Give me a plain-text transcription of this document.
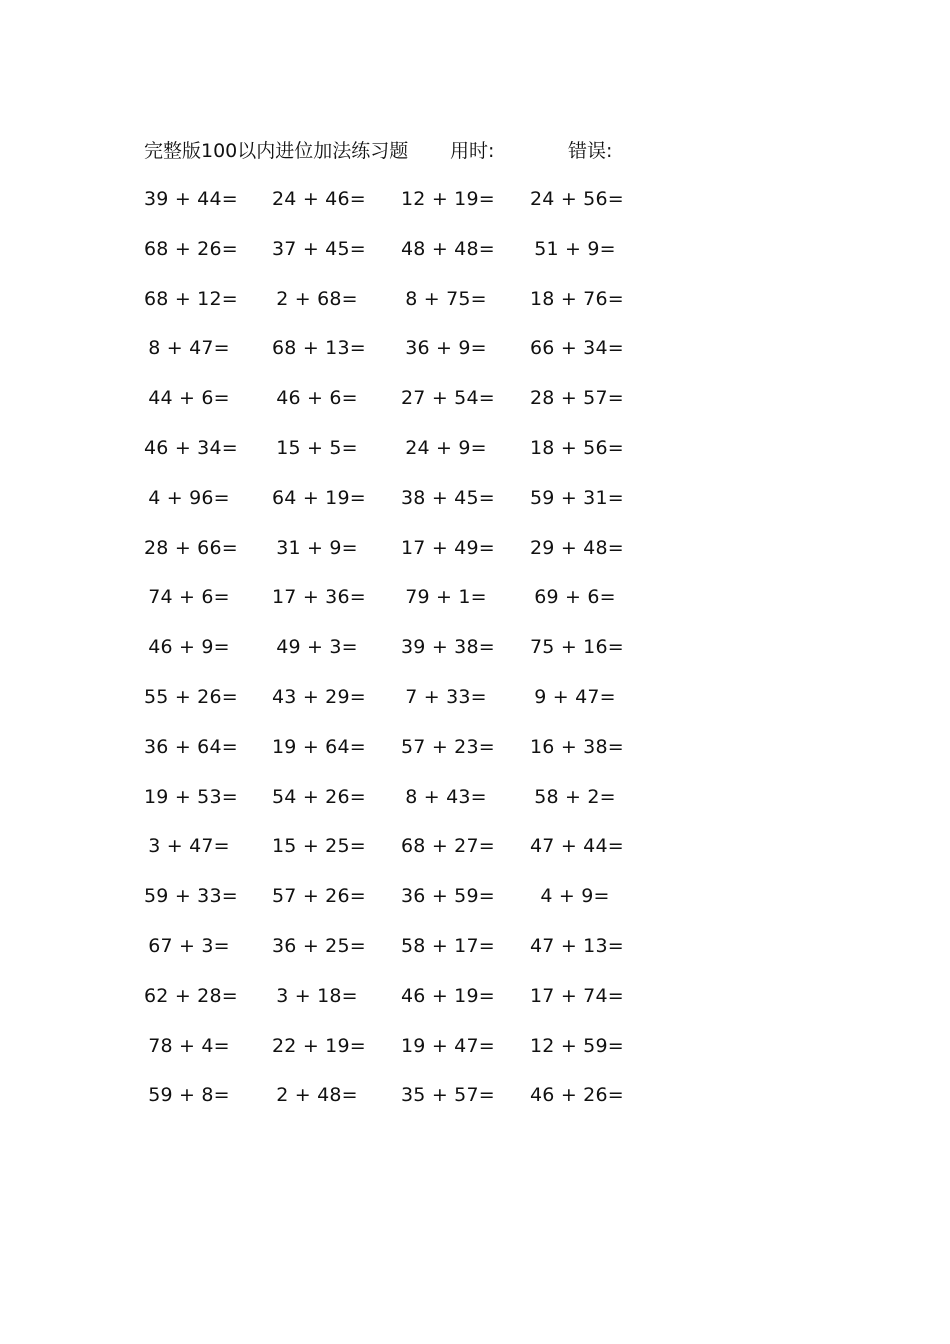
完整版100以内进位加法练习题 用时:	错误:
39 + 44= 24 + 46= 12 + 19= 24 + 56=
68 + 26= 37 + 45= 48 + 48= 51 + 9=
68 + 12= 2 + 68= 8 + 75= 18 + 76=
8 + 47= 68 + 13= 36 + 9= 66 + 34=
44 + 6= 46 + 6= 27 + 54= 28 + 57=
46 + 34= 15 + 5= 24 + 9= 18 + 56=
4 + 96= 64 + 19= 38 + 45= 59 + 31=
28 + 66= 31 + 9= 17 + 49= 29 + 48=
74 + 6= 17 + 36= 79 + 1= 69 + 6=
46 + 9= 49 + 3= 39 + 38= 75 + 16=
55 + 26= 43 + 29= 7 + 33= 9 + 47=
36 + 64= 19 + 64= 57 + 23= 16 + 38=
19 + 53= 54 + 26= 8 + 43= 58 + 2=
3 + 47= 15 + 25= 68 + 27= 47 + 44=
59 + 33= 57 + 26= 36 + 59=	4 + 9=
67 + 3= 36 + 25= 58 + 17= 47 + 13=
62 + 28= 3 + 18= 46 + 19= 17 + 74=
78 + 4= 22 + 19= 19 + 47= 12 + 59=
59 + 8= 2 + 48= 35 + 57= 46 + 26=
